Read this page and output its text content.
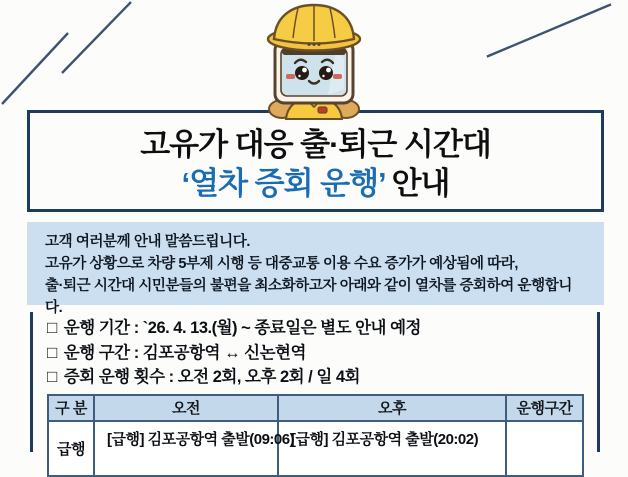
고유가 대응 출·퇴근 시간대
‘열차 증회 운행’ 안내

고객 여러분께 안내 말씀드립니다.

고유가 상황으로 차량 5부제 시행 등 대중교통 이용 수요 증가가 예상됨에 따라,

출·퇴근 시간대 시민분들의 불편을 최소화하고자 아래와 같이 열차를 증회하여 운행합니다.

□ 운행 기간 : `26. 4. 13.(월) ~ 종료일은 별도 안내 예정
□ 운행 구간 : 김포공항역 ↔ 신논현역
□ 증회 운행 횟수 : 오전 2회, 오후 2회 / 일 4회
구 분	오전	오후	운행구간
급행	[급행] 김포공항역 출발(09:06)	[급행] 김포공항역 출발(20:02)	
